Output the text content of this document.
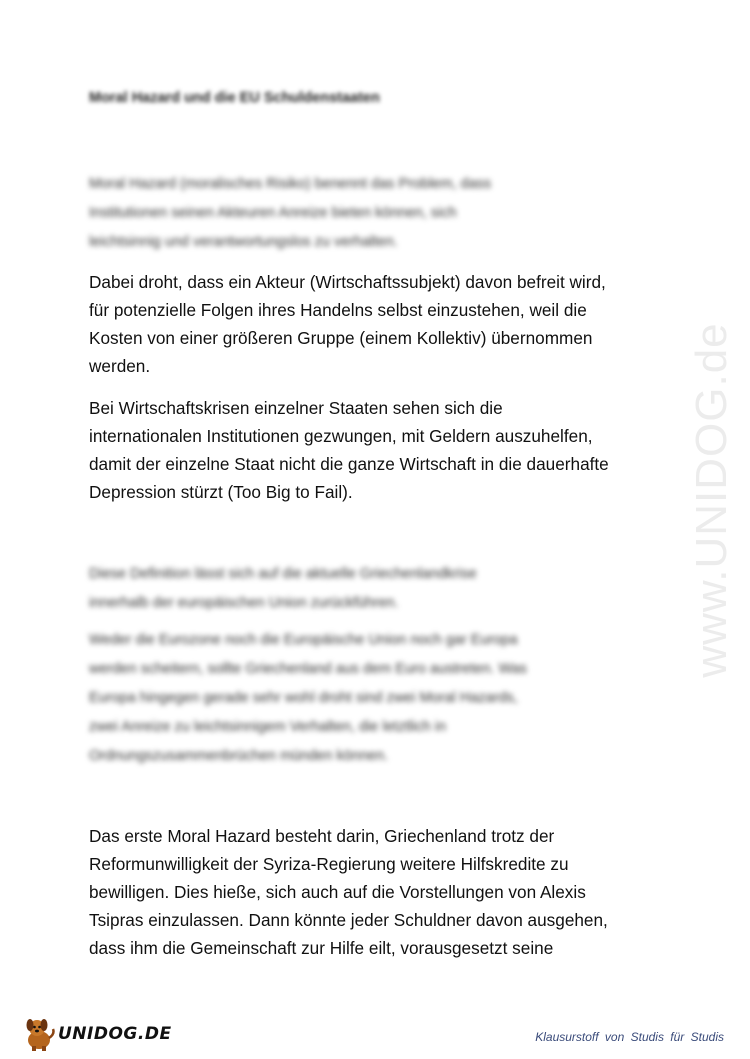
www.UNIDOG.de
Moral Hazard und die EU Schuldenstaaten

Moral Hazard (moralisches Risiko) benennt das Problem, dass

Institutionen seinen Akteuren Anreize bieten können, sich

leichtsinnig und verantwortungslos zu verhalten.

Dabei droht, dass ein Akteur (Wirtschaftssubjekt) davon befreit wird,

für potenzielle Folgen ihres Handelns selbst einzustehen, weil die

Kosten von einer größeren Gruppe (einem Kollektiv) übernommen

werden.

Bei Wirtschaftskrisen einzelner Staaten sehen sich die

internationalen Institutionen gezwungen, mit Geldern auszuhelfen,

damit der einzelne Staat nicht die ganze Wirtschaft in die dauerhafte

Depression stürzt (Too Big to Fail).

Diese Definition lässt sich auf die aktuelle Griechenlandkrise

innerhalb der europäischen Union zurückführen.

Weder die Eurozone noch die Europäische Union noch gar Europa

werden scheitern, sollte Griechenland aus dem Euro austreten. Was

Europa hingegen gerade sehr wohl droht sind zwei Moral Hazards,

zwei Anreize zu leichtsinnigem Verhalten, die letztlich in

Ordnungszusammenbrüchen münden können.

Das erste Moral Hazard besteht darin, Griechenland trotz der

Reformunwilligkeit der Syriza-Regierung weitere Hilfskredite zu

bewilligen. Dies hieße, sich auch auf die Vorstellungen von Alexis

Tsipras einzulassen. Dann könnte jeder Schuldner davon ausgehen,

dass ihm die Gemeinschaft zur Hilfe eilt, vorausgesetzt seine

UNIDOG.DE	Klausurstoff von Studis für Studis
